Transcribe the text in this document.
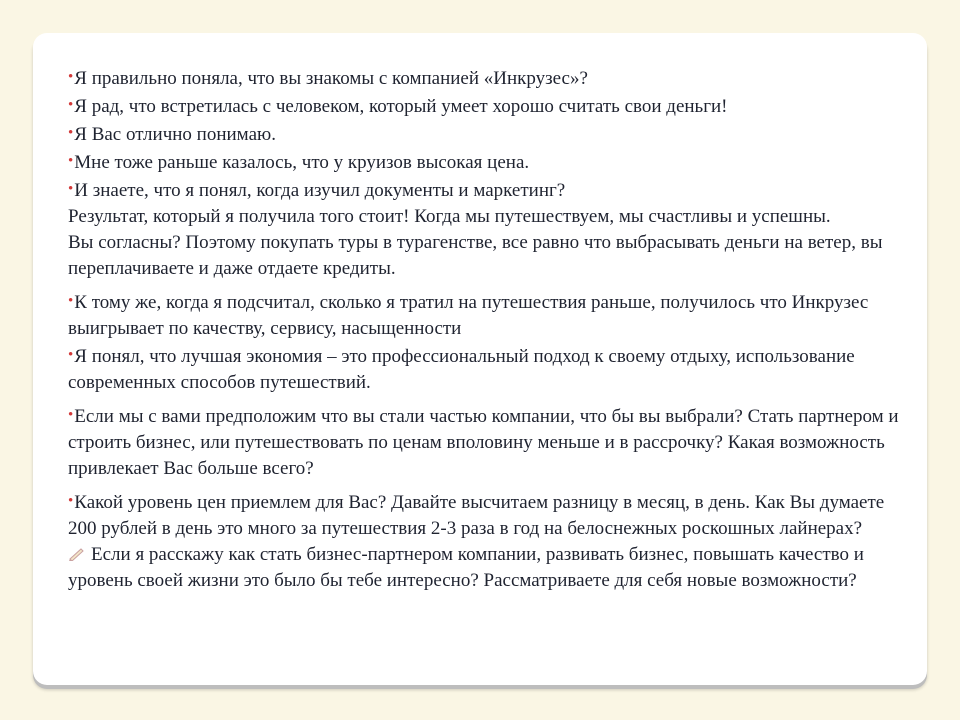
•Я правильно поняла, что вы знакомы с компанией «Инкрузес»?

•Я рад, что встретилась с человеком, который умеет хорошо считать свои деньги!

•Я Вас отлично понимаю.

•Мне тоже раньше казалось, что у круизов высокая цена.

•И знаете, что я понял, когда изучил документы и маркетинг?

Результат, который я получила того стоит! Когда мы путешествуем, мы счастливы и успешны.

Вы согласны? Поэтому покупать туры в турагенстве, все равно что выбрасывать деньги на ветер, вы переплачиваете и даже отдаете кредиты.

•К тому же, когда я подсчитал, сколько я тратил на путешествия раньше, получилось что Инкрузес выигрывает по качеству, сервису, насыщенности

•Я понял, что лучшая экономия – это профессиональный подход к своему отдыху, использование современных способов путешествий.

•Если мы с вами предположим что вы стали частью компании, что бы вы выбрали? Стать партнером и строить бизнес, или путешествовать по ценам вполовину меньше и в рассрочку? Какая возможность привлекает Вас больше всего?

•Какой уровень цен приемлем для Вас? Давайте высчитаем разницу в месяц, в день. Как Вы думаете 200 рублей в день это много за путешествия 2-3 раза в год на белоснежных роскошных лайнерах?

Если я расскажу как стать бизнес-партнером компании, развивать бизнес, повышать качество и уровень своей жизни это было бы тебе интересно? Рассматриваете для себя новые возможности?
